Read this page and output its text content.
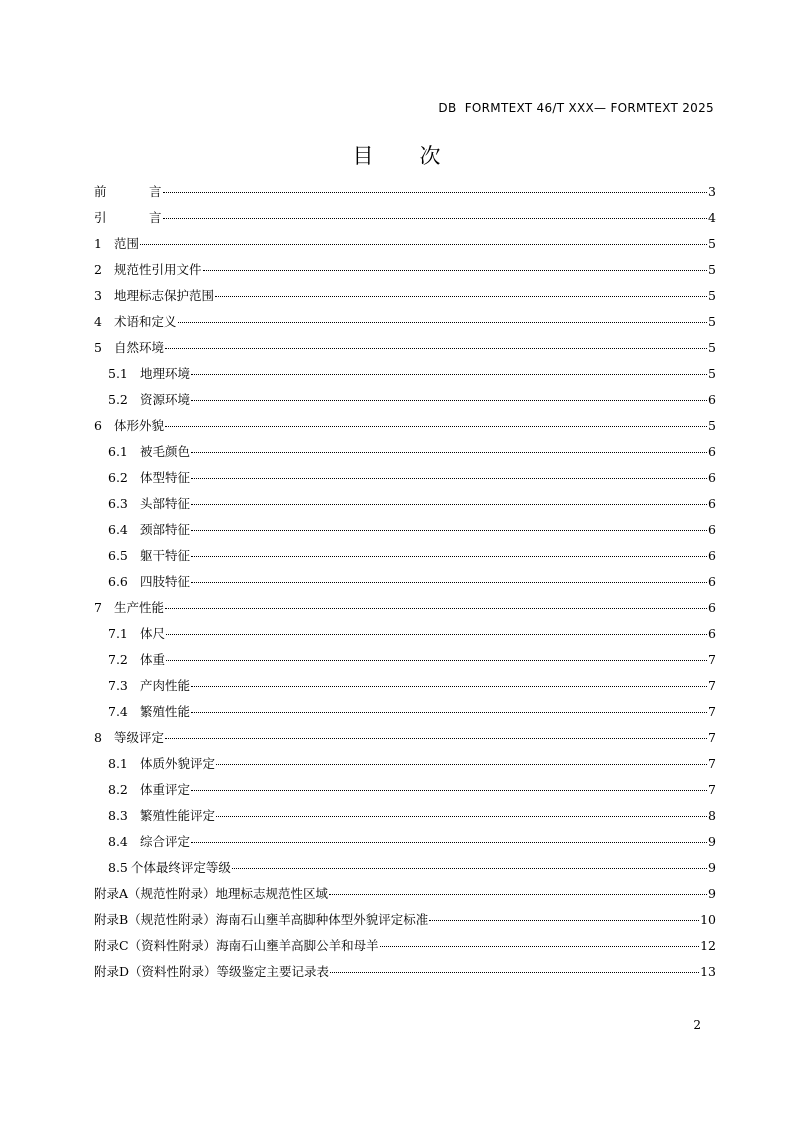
DB  FORMTEXT 46/T XXX— FORMTEXT 2025
目 次
前	言	3
引	言	4
1 范围	5
2 规范性引用文件	5
3 地理标志保护范围	5
4 术语和定义	5
5 自然环境	5
5.1 地理环境	5
5.2 资源环境	6
6 体形外貌	5
6.1 被毛颜色	6
6.2 体型特征	6
6.3 头部特征	6
6.4 颈部特征	6
6.5 躯干特征	6
6.6 四肢特征	6
7 生产性能	6
7.1 体尺	6
7.2 体重	7
7.3 产肉性能	7
7.4 繁殖性能	7
8 等级评定	7
8.1 体质外貌评定	7
8.2 体重评定	7
8.3 繁殖性能评定	8
8.4 综合评定	9
8.5 个体最终评定等级	9
附录A （规范性附录）地理标志规范性区域	9
附录B （规范性附录）海南石山壅羊高脚种体型外貌评定标准	10
附录C （资料性附录）海南石山壅羊高脚公羊和母羊	12
附录D （资料性附录）等级鉴定主要记录表	13
2
